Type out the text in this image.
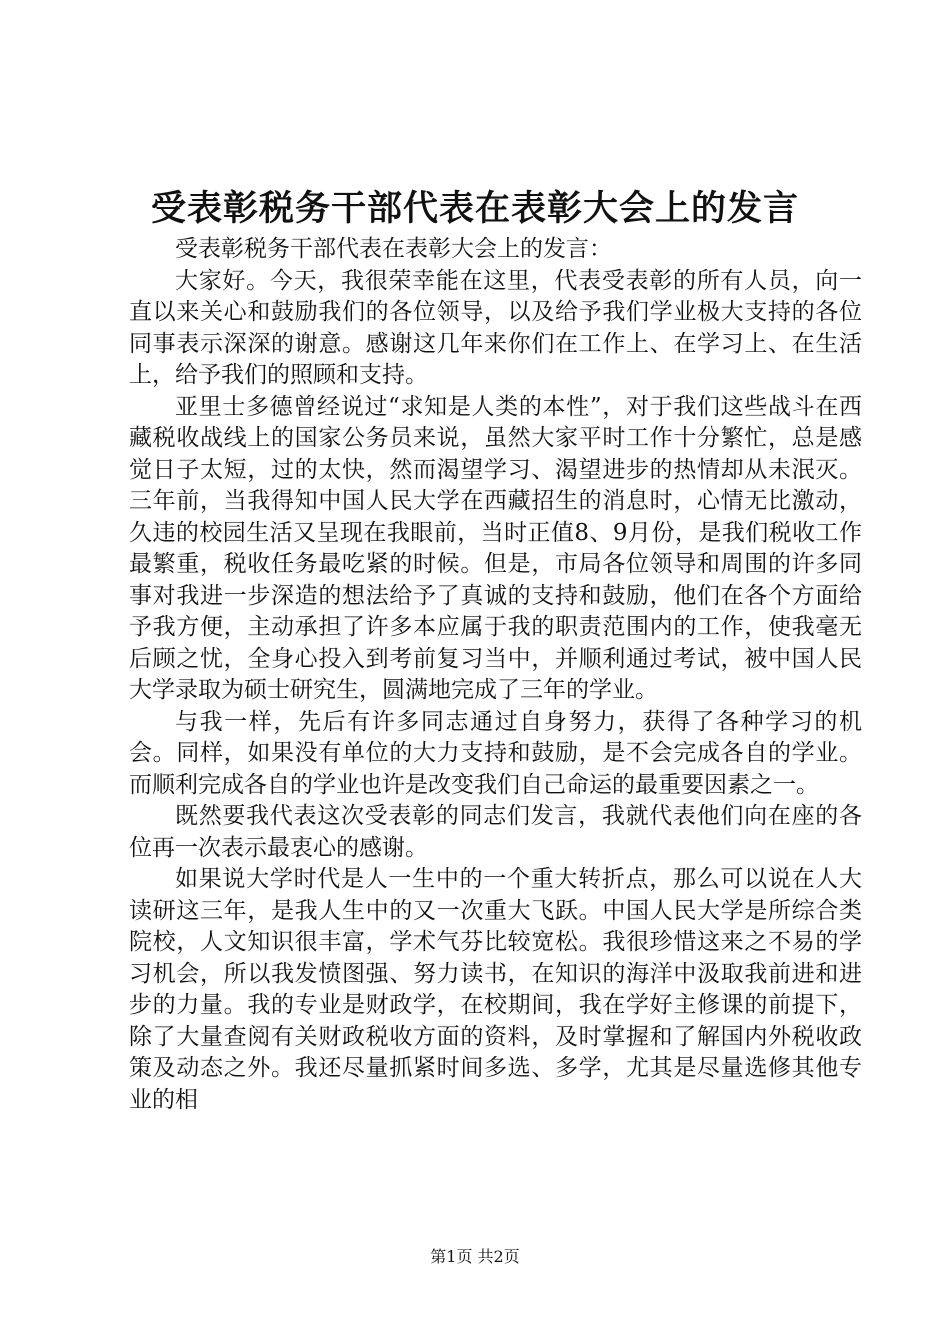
受表彰税务干部代表在表彰大会上的发言

受表彰税务干部代表在表彰大会上的发言：

大家好。今天，我很荣幸能在这里，代表受表彰的所有人员，向一直以来关心和鼓励我们的各位领导，以及给予我们学业极大支持的各位同事表示深深的谢意。感谢这几年来你们在工作上、在学习上、在生活上，给予我们的照顾和支持。

亚里士多德曾经说过“求知是人类的本性”，对于我们这些战斗在西藏税收战线上的国家公务员来说，虽然大家平时工作十分繁忙，总是感觉日子太短，过的太快，然而渴望学习、渴望进步的热情却从未泯灭。三年前，当我得知中国人民大学在西藏招生的消息时，心情无比激动，久违的校园生活又呈现在我眼前，当时正值8、9月份，是我们税收工作最繁重，税收任务最吃紧的时候。但是，市局各位领导和周围的许多同事对我进一步深造的想法给予了真诚的支持和鼓励，他们在各个方面给予我方便，主动承担了许多本应属于我的职责范围内的工作，使我毫无后顾之忧，全身心投入到考前复习当中，并顺利通过考试，被中国人民大学录取为硕士研究生，圆满地完成了三年的学业。

与我一样，先后有许多同志通过自身努力，获得了各种学习的机会。同样，如果没有单位的大力支持和鼓励，是不会完成各自的学业。而顺利完成各自的学业也许是改变我们自己命运的最重要因素之一。

既然要我代表这次受表彰的同志们发言，我就代表他们向在座的各位再一次表示最衷心的感谢。

如果说大学时代是人一生中的一个重大转折点，那么可以说在人大读研这三年，是我人生中的又一次重大飞跃。中国人民大学是所综合类院校，人文知识很丰富，学术气芬比较宽松。我很珍惜这来之不易的学习机会，所以我发愤图强、努力读书，在知识的海洋中汲取我前进和进步的力量。我的专业是财政学，在校期间，我在学好主修课的前提下，除了大量查阅有关财政税收方面的资料，及时掌握和了解国内外税收政策及动态之外。我还尽量抓紧时间多选、多学，尤其是尽量选修其他专业的相

第1页 共2页
